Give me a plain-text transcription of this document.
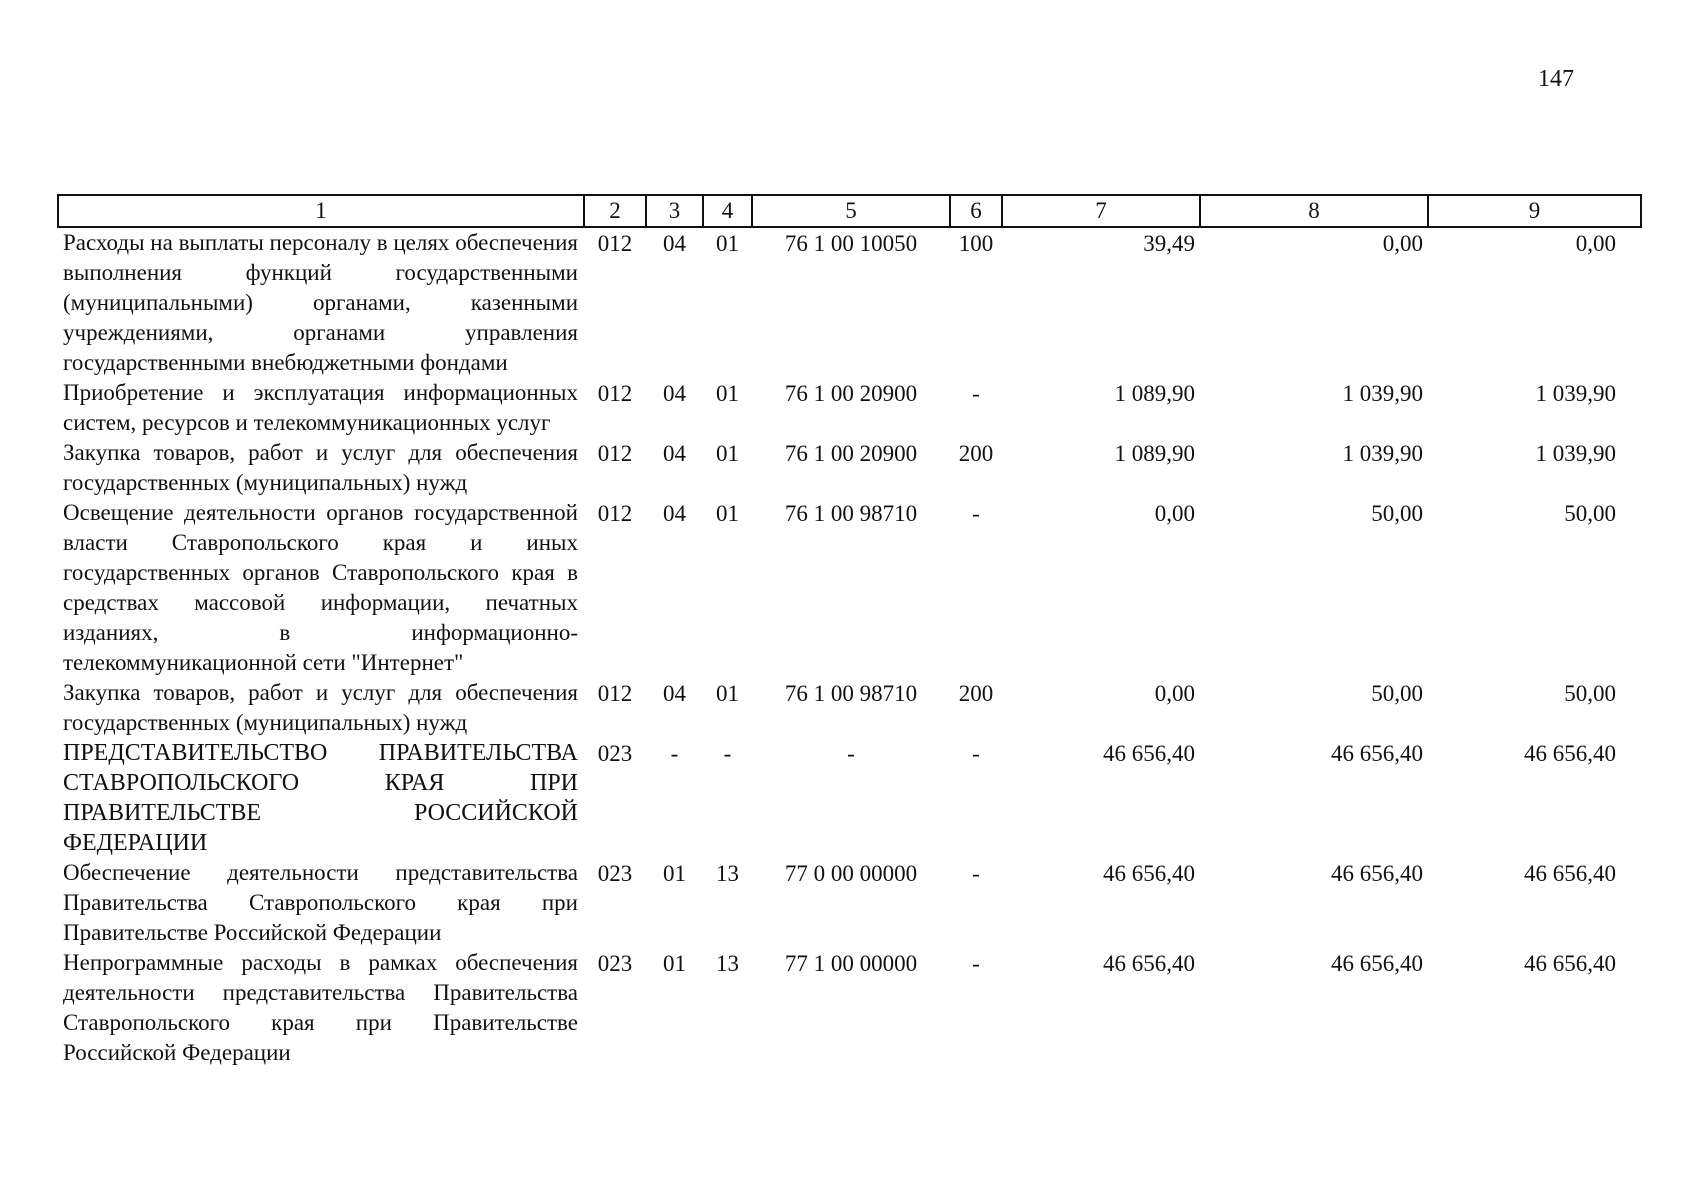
147
1	2	3	4	5	6	7	8	9
Расходы на выплаты персоналу в целях обеспечения выполнения функций государственными (муниципальными) органами, казенными учреждениями, органами управления государственными внебюджетными фондами	012	04	01	76 1 00 10050	100	39,49	0,00	0,00
Приобретение и эксплуатация информационных систем, ресурсов и телекоммуникационных услуг	012	04	01	76 1 00 20900	-	1 089,90	1 039,90	1 039,90
Закупка товаров, работ и услуг для обеспечения государственных (муниципальных) нужд	012	04	01	76 1 00 20900	200	1 089,90	1 039,90	1 039,90
Освещение деятельности органов государственной власти Ставропольского края и иных государственных органов Ставропольского края в средствах массовой информации, печатных изданиях, в информационно-телекоммуникационной сети "Интернет"	012	04	01	76 1 00 98710	-	0,00	50,00	50,00
Закупка товаров, работ и услуг для обеспечения государственных (муниципальных) нужд	012	04	01	76 1 00 98710	200	0,00	50,00	50,00
ПРЕДСТАВИТЕЛЬСТВО ПРАВИТЕЛЬСТВА СТАВРОПОЛЬСКОГО КРАЯ ПРИ ПРАВИТЕЛЬСТВЕ РОССИЙСКОЙ ФЕДЕРАЦИИ	023	-	-	-	-	46 656,40	46 656,40	46 656,40
Обеспечение деятельности представительства Правительства Ставропольского края при Правительстве Российской Федерации	023	01	13	77 0 00 00000	-	46 656,40	46 656,40	46 656,40
Непрограммные расходы в рамках обеспечения деятельности представительства Правительства Ставропольского края при Правительстве Российской Федерации	023	01	13	77 1 00 00000	-	46 656,40	46 656,40	46 656,40
